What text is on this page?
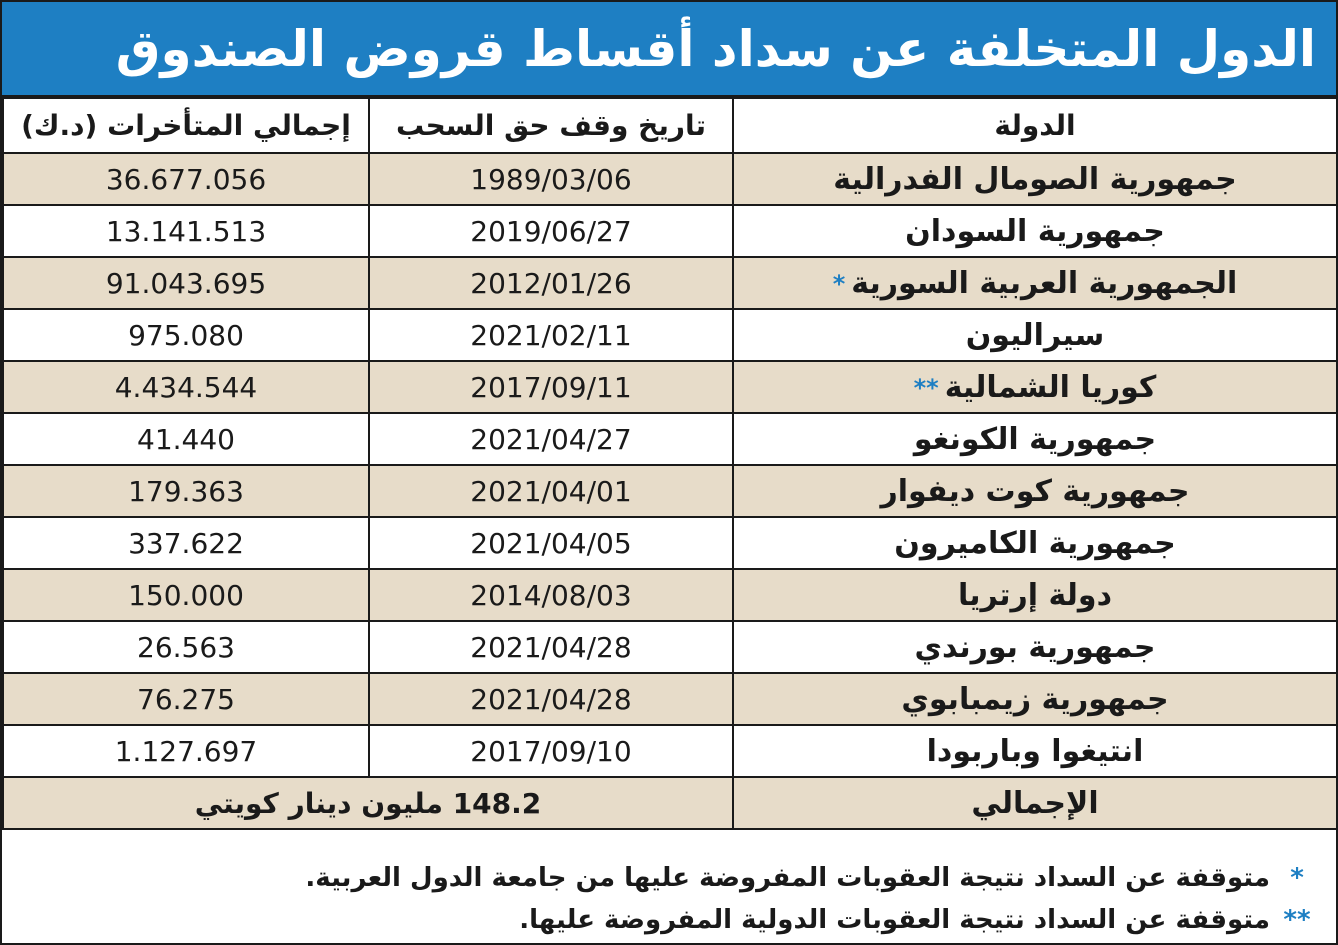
الدول المتخلفة عن سداد أقساط قروض الصندوق
الدولة	تاريخ وقف حق السحب	إجمالي المتأخرات (د.ك)
جمهورية الصومال الفدرالية	1989/03/06	36.677.056
جمهورية السودان	2019/06/27	13.141.513
الجمهورية العربية السورية*	2012/01/26	91.043.695
سيراليون	2021/02/11	975.080
كوريا الشمالية**	2017/09/11	4.434.544
جمهورية الكونغو	2021/04/27	41.440
جمهورية كوت ديفوار	2021/04/01	179.363
جمهورية الكاميرون	2021/04/05	337.622
دولة إرتريا	2014/08/03	150.000
جمهورية بورندي	2021/04/28	26.563
جمهورية زيمبابوي	2021/04/28	76.275
انتيغوا وباربودا	2017/09/10	1.127.697
الإجمالي	148.2 مليون دينار كويتي	
*متوقفة عن السداد نتيجة العقوبات المفروضة عليها من جامعة الدول العربية.
**متوقفة عن السداد نتيجة العقوبات الدولية المفروضة عليها.
